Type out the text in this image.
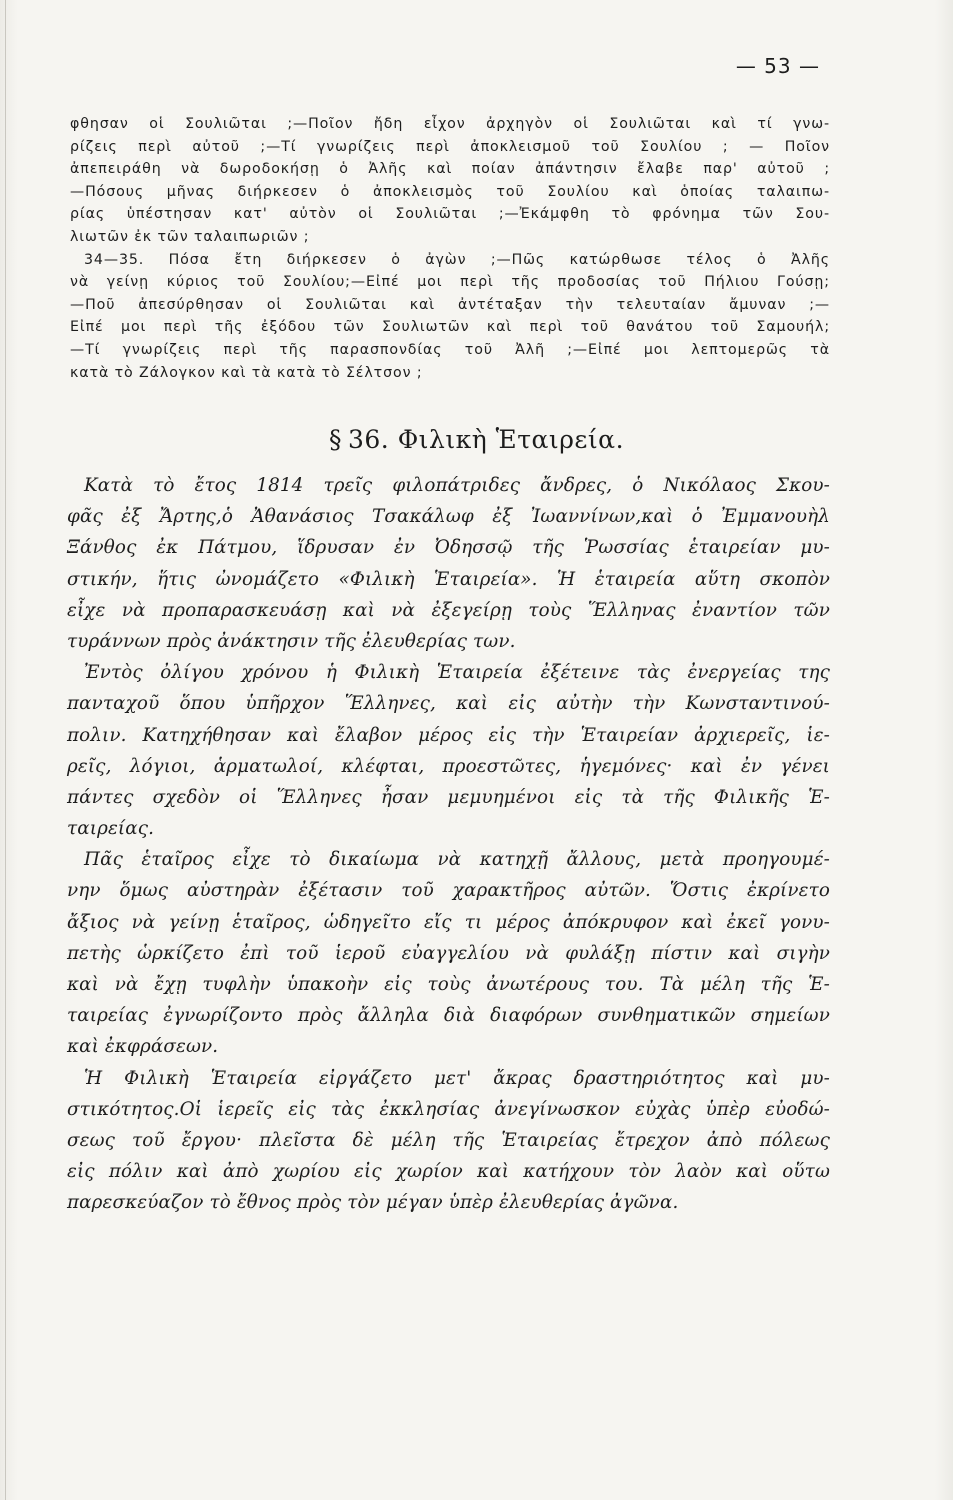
— 53 —
φθησαν οἱ Σουλιῶται ;—Ποῖον ἤδη εἶχον ἀρχηγὸν οἱ Σουλιῶται καὶ τί γνω-
ρίζεις περὶ αὐτοῦ ;—Τί γνωρίζεις περὶ ἀποκλεισμοῦ τοῦ Σουλίου ; — Ποῖον
ἀπεπειράθη νὰ δωροδοκήσῃ ὁ Ἀλῆς καὶ ποίαν ἀπάντησιν ἔλαβε παρ' αὐτοῦ ;
—Πόσους μῆνας διήρκεσεν ὁ ἀποκλεισμὸς τοῦ Σουλίου καὶ ὁποίας ταλαιπω-
ρίας ὑπέστησαν κατ' αὐτὸν οἱ Σουλιῶται ;—Ἐκάμφθη τὸ φρόνημα τῶν Σου-
λιωτῶν ἐκ τῶν ταλαιπωριῶν ;
34—35. Πόσα ἔτη διήρκεσεν ὁ ἀγὼν ;—Πῶς κατώρθωσε τέλος ὁ Ἀλῆς
νὰ γείνῃ κύριος τοῦ Σουλίου;—Εἰπέ μοι περὶ τῆς προδοσίας τοῦ Πήλιου Γούσῃ;
—Ποῦ ἀπεσύρθησαν οἱ Σουλιῶται καὶ ἀντέταξαν τὴν τελευταίαν ἄμυναν ;—
Εἰπέ μοι περὶ τῆς ἐξόδου τῶν Σουλιωτῶν καὶ περὶ τοῦ θανάτου τοῦ Σαμουήλ;
—Τί γνωρίζεις περὶ τῆς παρασπονδίας τοῦ Ἀλῆ ;—Εἰπέ μοι λεπτομερῶς τὰ
κατὰ τὸ Ζάλογκον καὶ τὰ κατὰ τὸ Σέλτσον ;
§ 36. Φιλικὴ Ἑταιρεία.
Κατὰ τὸ ἔτος 1814 τρεῖς φιλοπάτριδες ἄνδρες, ὁ Νικόλαος Σκου-
φᾶς ἐξ Ἄρτης,ὁ Ἀθανάσιος Τσακάλωφ ἐξ Ἰωαννίνων,καὶ ὁ Ἐμμανουὴλ
Ξάνθος ἐκ Πάτμου, ἵδρυσαν ἐν Ὀδησσῷ τῆς Ῥωσσίας ἑταιρείαν μυ-
στικήν, ἥτις ὠνομάζετο «Φιλικὴ Ἑταιρεία». Ἡ ἑταιρεία αὕτη σκοπὸν
εἶχε νὰ προπαρασκευάσῃ καὶ νὰ ἐξεγείρῃ τοὺς Ἕλληνας ἐναντίον τῶν
τυράννων πρὸς ἀνάκτησιν τῆς ἐλευθερίας των.
Ἐντὸς ὀλίγου χρόνου ἡ Φιλικὴ Ἑταιρεία ἐξέτεινε τὰς ἐνεργείας της
πανταχοῦ ὅπου ὑπῆρχον Ἕλληνες, καὶ εἰς αὐτὴν τὴν Κωνσταντινού-
πολιν. Κατηχήθησαν καὶ ἔλαβον μέρος εἰς τὴν Ἑταιρείαν ἀρχιερεῖς, ἱε-
ρεῖς, λόγιοι, ἁρματωλοί, κλέφται, προεστῶτες, ἡγεμόνες· καὶ ἐν γένει
πάντες σχεδὸν οἱ Ἕλληνες ἦσαν μεμυημένοι εἰς τὰ τῆς Φιλικῆς Ἑ-
ταιρείας.
Πᾶς ἑταῖρος εἶχε τὸ δικαίωμα νὰ κατηχῇ ἄλλους, μετὰ προηγουμέ-
νην ὅμως αὐστηρὰν ἐξέτασιν τοῦ χαρακτῆρος αὐτῶν. Ὅστις ἐκρίνετο
ἄξιος νὰ γείνῃ ἑταῖρος, ὡδηγεῖτο εἴς τι μέρος ἀπόκρυφον καὶ ἐκεῖ γονυ-
πετὴς ὡρκίζετο ἐπὶ τοῦ ἱεροῦ εὐαγγελίου νὰ φυλάξῃ πίστιν καὶ σιγὴν
καὶ νὰ ἔχῃ τυφλὴν ὑπακοὴν εἰς τοὺς ἀνωτέρους του. Τὰ μέλη τῆς Ἑ-
ταιρείας ἐγνωρίζοντο πρὸς ἄλληλα διὰ διαφόρων συνθηματικῶν σημείων
καὶ ἐκφράσεων.
Ἡ Φιλικὴ Ἑταιρεία εἰργάζετο μετ' ἄκρας δραστηριότητος καὶ μυ-
στικότητος.Οἱ ἱερεῖς εἰς τὰς ἐκκλησίας ἀνεγίνωσκον εὐχὰς ὑπὲρ εὐοδώ-
σεως τοῦ ἔργου· πλεῖστα δὲ μέλη τῆς Ἑταιρείας ἔτρεχον ἀπὸ πόλεως
εἰς πόλιν καὶ ἀπὸ χωρίου εἰς χωρίον καὶ κατήχουν τὸν λαὸν καὶ οὕτω
παρεσκεύαζον τὸ ἔθνος πρὸς τὸν μέγαν ὑπὲρ ἐλευθερίας ἀγῶνα.
